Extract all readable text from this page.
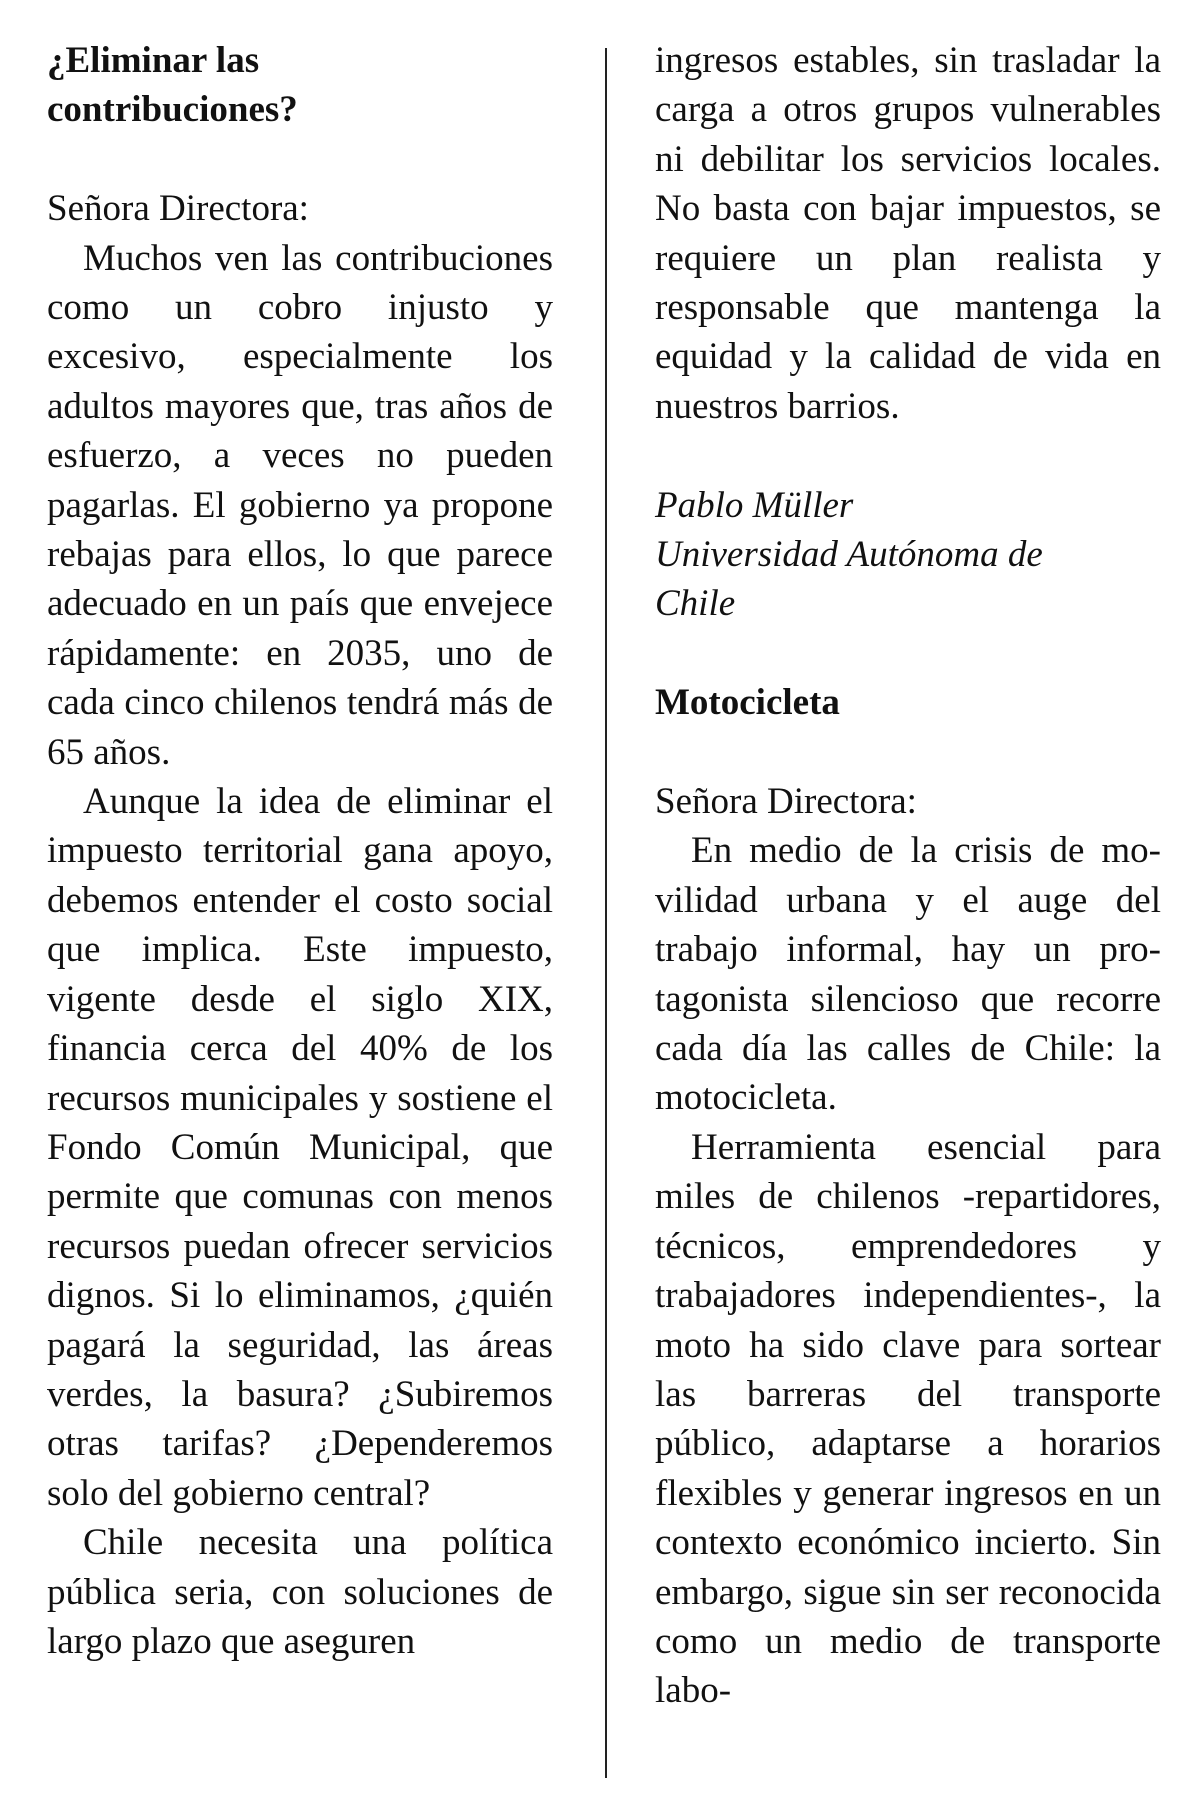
¿Eliminar las
contribuciones?

Señora Directora:

Muchos ven las contribuciones como un cobro injusto y excesivo, especialmente los adultos mayores que, tras años de esfuerzo, a veces no pueden pagarlas. El gobierno ya propone rebajas para ellos, lo que parece adecuado en un país que envejece rápidamente: en 2035, uno de cada cinco chilenos tendrá más de 65 años.

Aunque la idea de eliminar el impuesto territorial gana apoyo, debemos entender el costo social que implica. Este impuesto, vigente desde el siglo XIX, financia cerca del 40% de los recursos municipales y sostiene el Fondo Común Municipal, que permite que comunas con menos recursos puedan ofrecer servicios dignos. Si lo eliminamos, ¿quién pagará la seguridad, las áreas verdes, la basura? ¿Subiremos otras tarifas? ¿Dependeremos solo del gobierno central?

Chile necesita una política pública seria, con soluciones de largo plazo que aseguren

ingresos estables, sin trasladar la carga a otros grupos vulnerables ni debilitar los servicios locales. No basta con bajar impuestos, se requiere un plan realista y responsable que mantenga la equidad y la calidad de vida en nuestros barrios.

Pablo Müller
Universidad Autónoma de
Chile

Motocicleta

Señora Directora:

En medio de la crisis de movilidad urbana y el auge del trabajo informal, hay un protagonista silencioso que recorre cada día las calles de Chile: la motocicleta.

Herramienta esencial para miles de chilenos -repartidores, técnicos, emprendedores y trabajadores independientes-, la moto ha sido clave para sortear las barreras del transporte público, adaptarse a horarios flexibles y generar ingresos en un contexto económico incierto. Sin embargo, sigue sin ser reconocida como un medio de transporte labo-
